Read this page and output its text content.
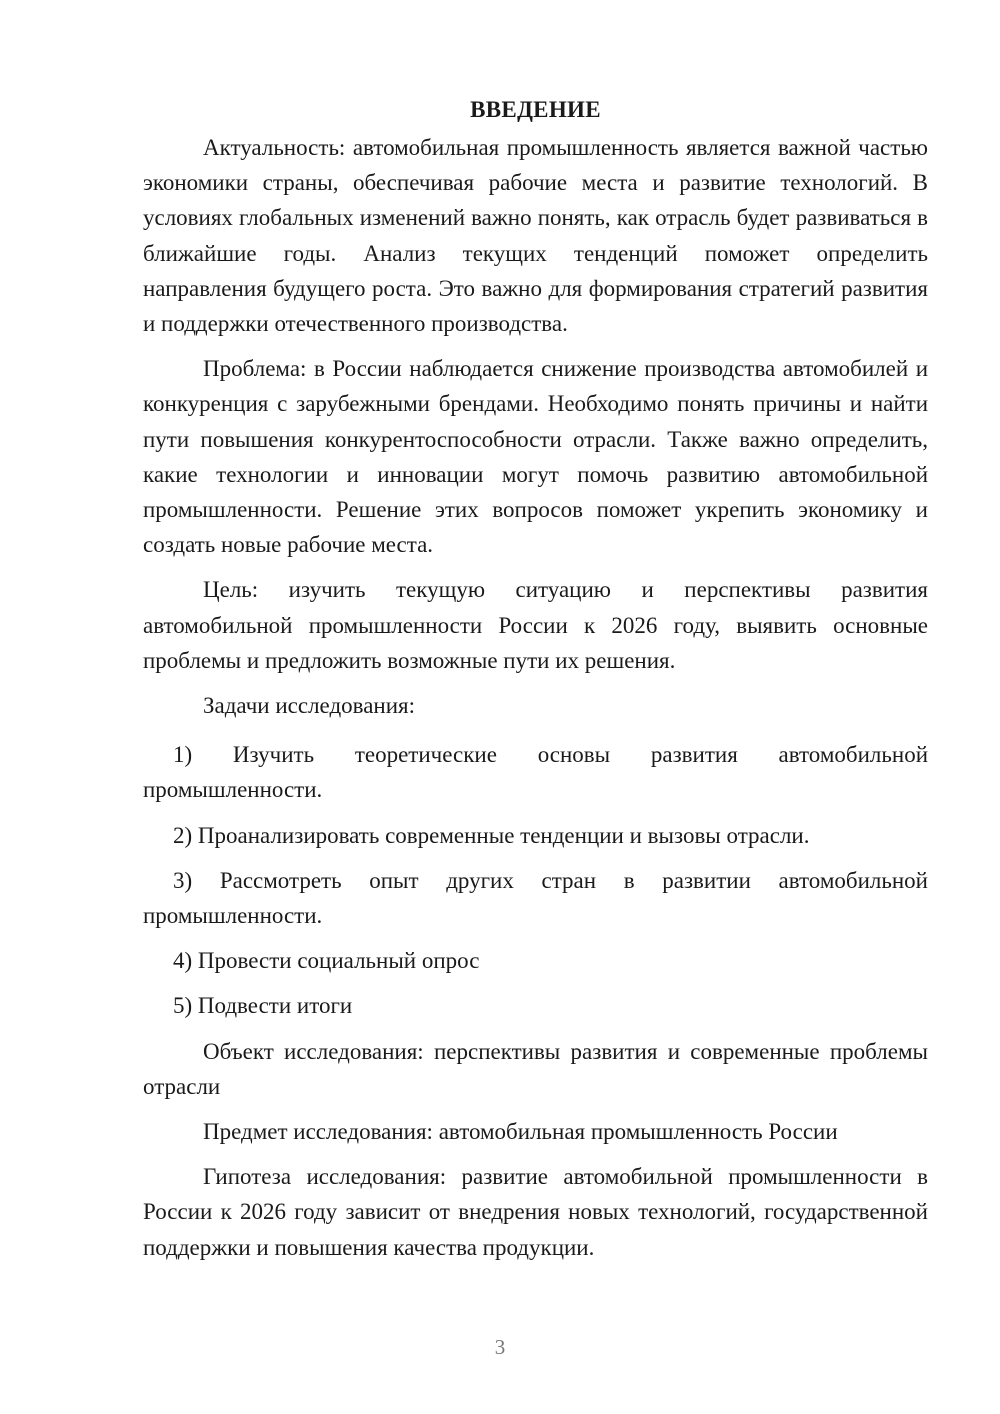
ВВЕДЕНИЕ

Актуальность: автомобильная промышленность является важной частью экономики страны, обеспечивая рабочие места и развитие технологий. В условиях глобальных изменений важно понять, как отрасль будет развиваться в ближайшие годы. Анализ текущих тенденций поможет определить направления будущего роста. Это важно для формирования стратегий развития и поддержки отечественного производства.

Проблема: в России наблюдается снижение производства автомобилей и конкуренция с зарубежными брендами. Необходимо понять причины и найти пути повышения конкурентоспособности отрасли. Также важно определить, какие технологии и инновации могут помочь развитию автомобильной промышленности. Решение этих вопросов поможет укрепить экономику и создать новые рабочие места.

Цель: изучить текущую ситуацию и перспективы развития автомобильной промышленности России к 2026 году, выявить основные проблемы и предложить возможные пути их решения.

Задачи исследования:

1) Изучить теоретические основы развития автомобильной промышленности.

2) Проанализировать современные тенденции и вызовы отрасли.

3) Рассмотреть опыт других стран в развитии автомобильной промышленности.

4) Провести социальный опрос

5) Подвести итоги

Объект исследования: перспективы развития и современные проблемы отрасли

Предмет исследования: автомобильная промышленность России

Гипотеза исследования: развитие автомобильной промышленности в России к 2026 году зависит от внедрения новых технологий, государственной поддержки и повышения качества продукции.

3
